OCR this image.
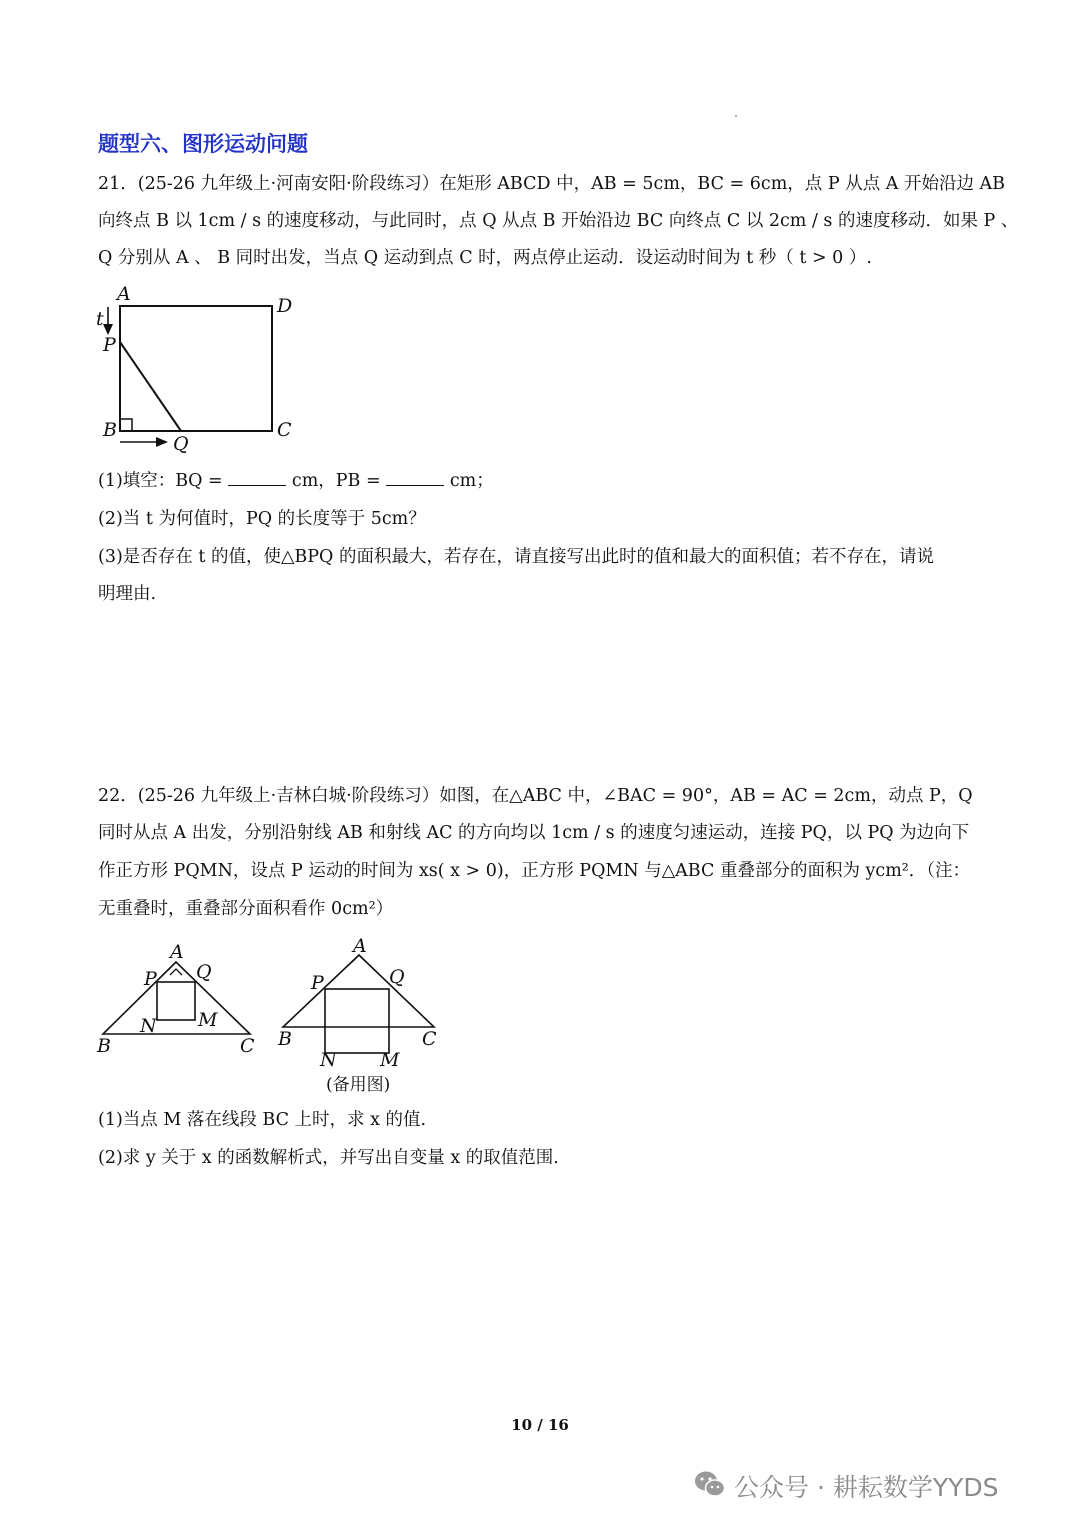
题型六、图形运动问题
21．(25-26 九年级上·河南安阳·阶段练习）在矩形 ABCD 中，AB = 5cm，BC = 6cm，点 P 从点 A 开始沿边 AB
向终点 B 以 1cm / s 的速度移动，与此同时，点 Q 从点 B 开始沿边 BC 向终点 C 以 2cm / s 的速度移动．如果 P 、
Q 分别从 A 、 B 同时出发，当点 Q 运动到点 C 时，两点停止运动．设运动时间为 t 秒（ t > 0 ）.
A
D
t
P
B	C
Q
(1)填空：BQ =	cm，PB =	cm；
(2)当 t 为何值时，PQ 的长度等于 5cm？
(3)是否存在 t 的值，使△BPQ 的面积最大，若存在，请直接写出此时的值和最大的面积值；若不存在，请说
明理由.
22．(25-26 九年级上·吉林白城·阶段练习）如图，在△ABC 中，∠BAC = 90°，AB = AC = 2cm，动点 P，Q
同时从点 A 出发，分别沿射线 AB 和射线 AC 的方向均以 1cm / s 的速度匀速运动，连接 PQ，以 PQ 为边向下
作正方形 PQMN，设点 P 运动的时间为 xs( x > 0)，正方形 PQMN 与△ABC 重叠部分的面积为 ycm²．（注：
无重叠时，重叠部分面积看作 0cm²）
A
P Q
N M
B	C
A
P	Q
N M
B	C
(备用图)
(1)当点 M 落在线段 BC 上时，求 x 的值.
(2)求 y 关于 x 的函数解析式，并写出自变量 x 的取值范围.
10 / 16
公众号 · 耕耘数学YYDS
